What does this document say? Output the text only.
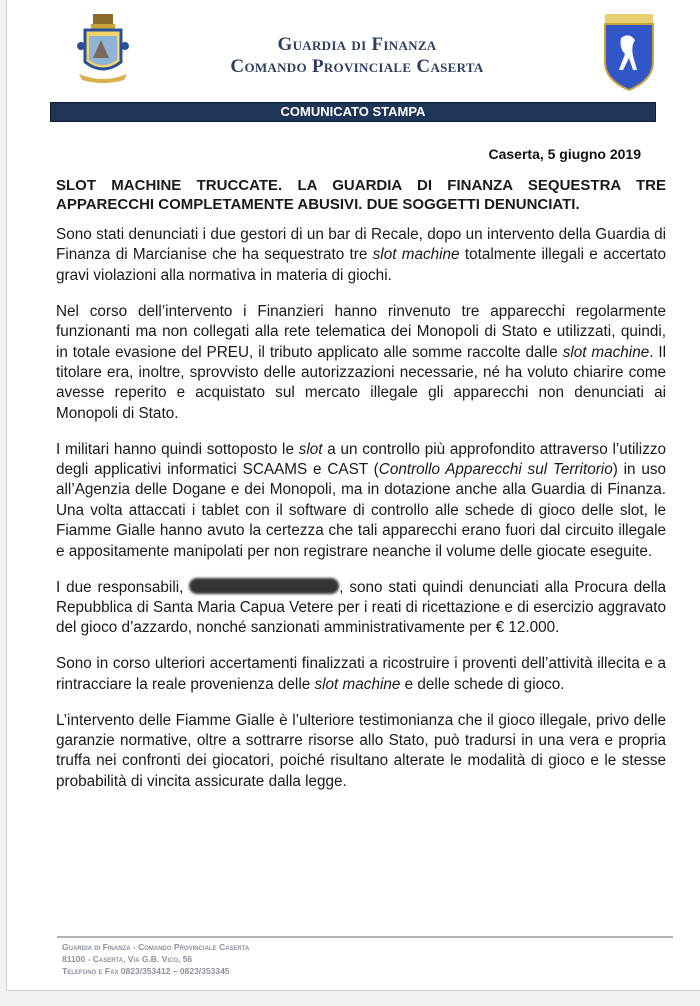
Guardia di Finanza
Comando Provinciale Caserta
COMUNICATO STAMPA
Caserta, 5 giugno 2019
SLOT MACHINE TRUCCATE. LA GUARDIA DI FINANZA SEQUESTRA TRE APPARECCHI COMPLETAMENTE ABUSIVI. DUE SOGGETTI DENUNCIATI.

Sono stati denunciati i due gestori di un bar di Recale, dopo un intervento della Guardia di Finanza di Marcianise che ha sequestrato tre slot machine totalmente illegali e accertato gravi violazioni alla normativa in materia di giochi.

Nel corso dell’intervento i Finanzieri hanno rinvenuto tre apparecchi regolarmente funzionanti ma non collegati alla rete telematica dei Monopoli di Stato e utilizzati, quindi, in totale evasione del PREU, il tributo applicato alle somme raccolte dalle slot machine. Il titolare era, inoltre, sprovvisto delle autorizzazioni necessarie, né ha voluto chiarire come avesse reperito e acquistato sul mercato illegale gli apparecchi non denunciati ai Monopoli di Stato.

I militari hanno quindi sottoposto le slot a un controllo più approfondito attraverso l’utilizzo degli applicativi informatici SCAAMS e CAST (Controllo Apparecchi sul Territorio) in uso all’Agenzia delle Dogane e dei Monopoli, ma in dotazione anche alla Guardia di Finanza. Una volta attaccati i tablet con il software di controllo alle schede di gioco delle slot, le Fiamme Gialle hanno avuto la certezza che tali apparecchi erano fuori dal circuito illegale e appositamente manipolati per non registrare neanche il volume delle giocate eseguite.

I due responsabili,	, sono stati quindi denunciati alla Procura della Repubblica di Santa Maria Capua Vetere per i reati di ricettazione e di esercizio aggravato del gioco d’azzardo, nonché sanzionati amministrativamente per € 12.000.

Sono in corso ulteriori accertamenti finalizzati a ricostruire i proventi dell’attività illecita e a rintracciare la reale provenienza delle slot machine e delle schede di gioco.

L’intervento delle Fiamme Gialle è l’ulteriore testimonianza che il gioco illegale, privo delle garanzie normative, oltre a sottrarre risorse allo Stato, può tradursi in una vera e propria truffa nei confronti dei giocatori, poiché risultano alterate le modalità di gioco e le stesse probabilità di vincita assicurate dalla legge.

Guardia di Finanza - Comando Provinciale Caserta
81100 - Caserta, Via G.B. Vico, 56
Telefono e Fax 0823/353412 – 0823/353345
